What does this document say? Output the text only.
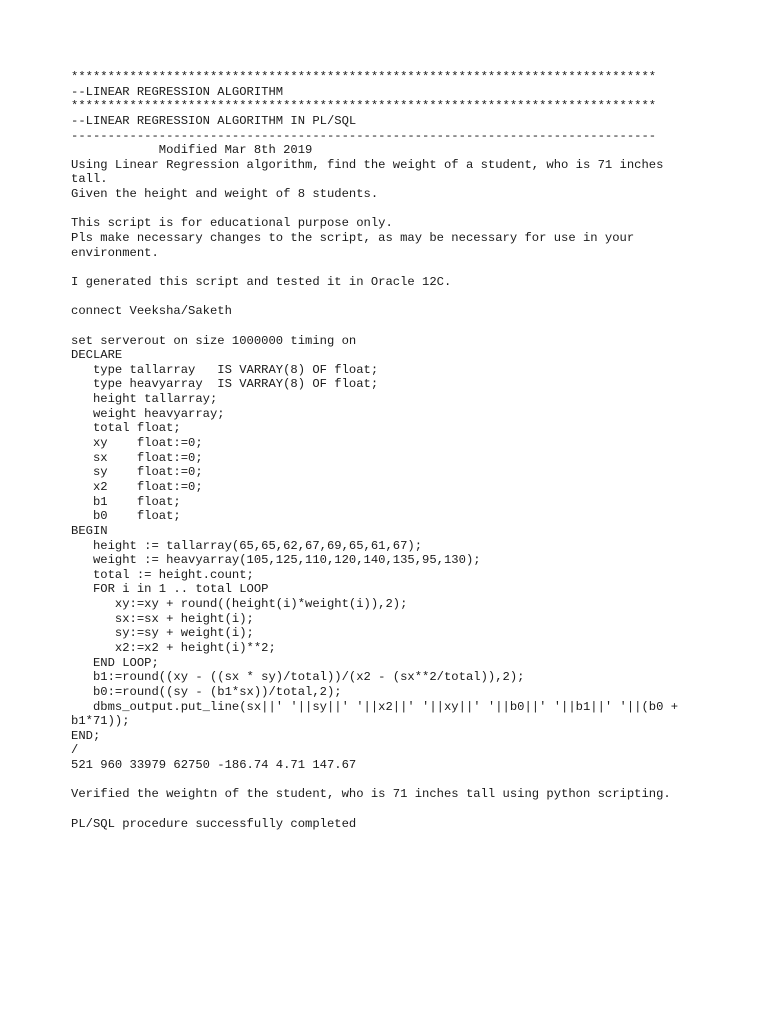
********************************************************************************
--LINEAR REGRESSION ALGORITHM
********************************************************************************
--LINEAR REGRESSION ALGORITHM IN PL/SQL
--------------------------------------------------------------------------------
Modified Mar 8th 2019
Using Linear Regression algorithm, find the weight of a student, who is 71 inches
tall.
Given the height and weight of 8 students.
This script is for educational purpose only.
Pls make necessary changes to the script, as may be necessary for use in your
environment.
I generated this script and tested it in Oracle 12C.
connect Veeksha/Saketh
set serverout on size 1000000 timing on
DECLARE
type tallarray   IS VARRAY(8) OF float;
type heavyarray  IS VARRAY(8) OF float;
height tallarray;
weight heavyarray;
total float;
xy    float:=0;
sx    float:=0;
sy    float:=0;
x2    float:=0;
b1    float;
b0    float;
BEGIN
height := tallarray(65,65,62,67,69,65,61,67);
weight := heavyarray(105,125,110,120,140,135,95,130);
total := height.count;
FOR i in 1 .. total LOOP
xy:=xy + round((height(i)*weight(i)),2);
sx:=sx + height(i);
sy:=sy + weight(i);
x2:=x2 + height(i)**2;
END LOOP;
b1:=round((xy - ((sx * sy)/total))/(x2 - (sx**2/total)),2);
b0:=round((sy - (b1*sx))/total,2);
dbms_output.put_line(sx||' '||sy||' '||x2||' '||xy||' '||b0||' '||b1||' '||(b0 +
b1*71));
END;
/
521 960 33979 62750 -186.74 4.71 147.67
Verified the weightn of the student, who is 71 inches tall using python scripting.
PL/SQL procedure successfully completed
